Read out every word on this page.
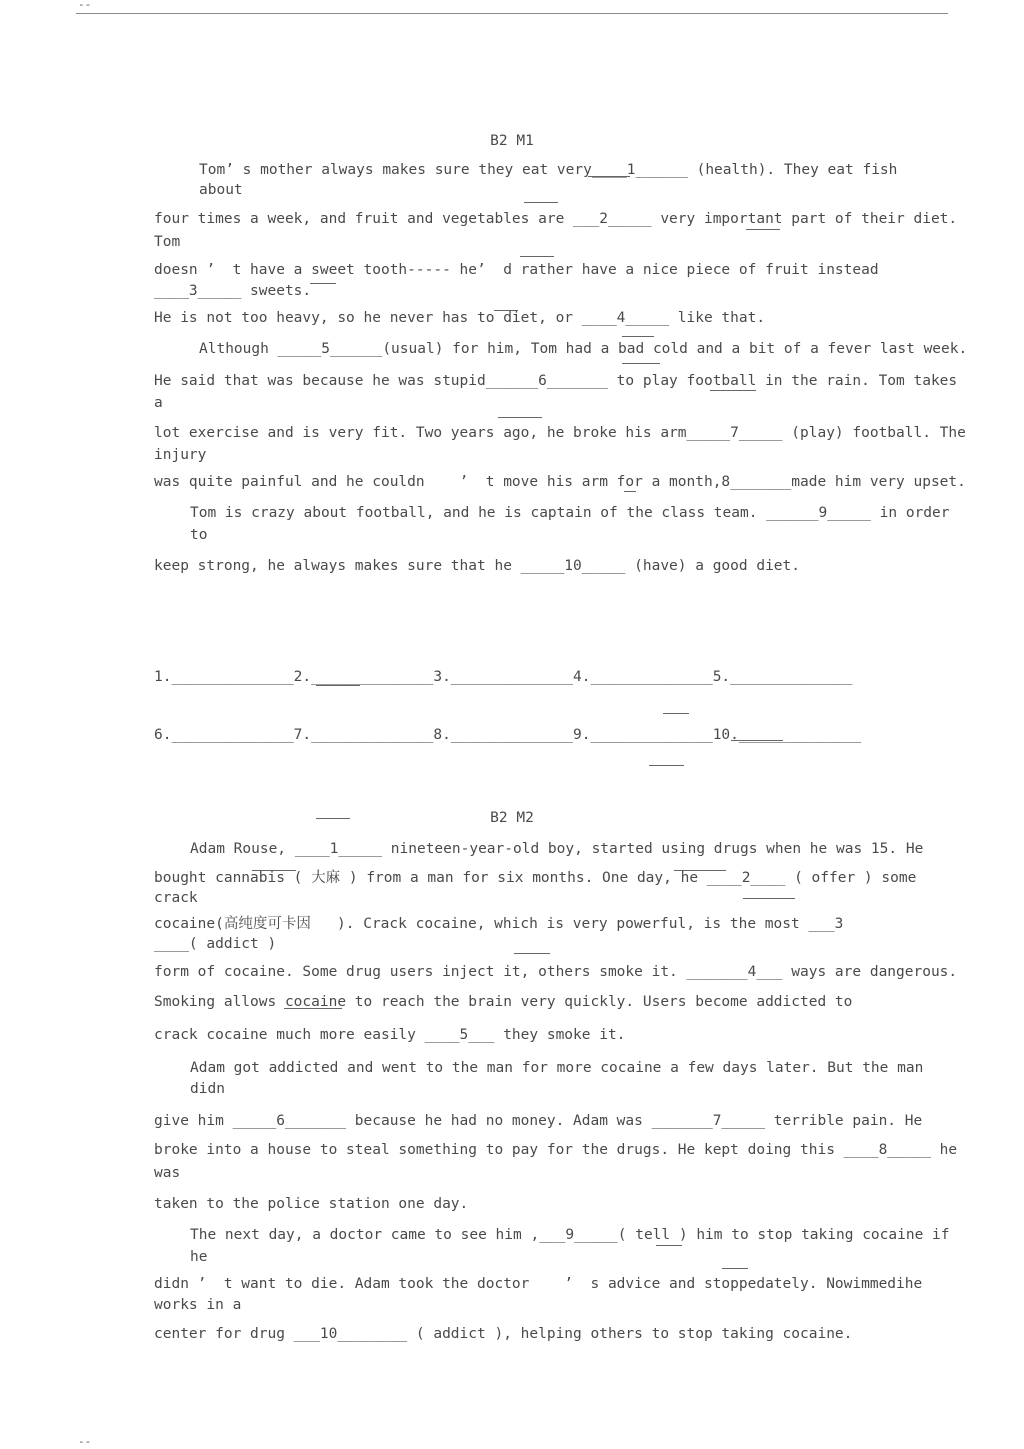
--
B2 M1
Tom’ s mother always makes sure they eat very____1______ (health). They eat fish
about
four times a week, and fruit and vegetables are ___2_____ very important part of their diet.
Tom
doesn ’  t have a sweet tooth----- he’  d rather have a nice piece of fruit instead
____3_____ sweets.
He is not too heavy, so he never has to diet, or ____4_____ like that.
Although _____5______(usual) for him, Tom had a bad cold and a bit of a fever last week.
He said that was because he was stupid______6_______ to play football in the rain. Tom takes
a
lot exercise and is very fit. Two years ago, he broke his arm_____7_____ (play) football. The
injury
was quite painful and he couldn    ’  t move his arm for a month,8_______made him very upset.
Tom is crazy about football, and he is captain of the class team. ______9_____ in order
to
keep strong, he always makes sure that he _____10_____ (have) a good diet.
1.______________2.______________3.______________4.______________5.______________
6.______________7.______________8.______________9.______________10.______________
B2 M2
Adam Rouse, ____1_____ nineteen-year-old boy, started using drugs when he was 15. He
bought cannabis ( 大麻 ) from a man for six months. One day, he ____2____ ( offer ) some
crack
cocaine(高纯度可卡因   ). Crack cocaine, which is very powerful, is the most ___3
____( addict )
form of cocaine. Some drug users inject it, others smoke it. _______4___ ways are dangerous.
Smoking allows cocaine to reach the brain very quickly. Users become addicted to
crack cocaine much more easily ____5___ they smoke it.
Adam got addicted and went to the man for more cocaine a few days later. But the man
didn
give him _____6_______ because he had no money. Adam was _______7_____ terrible pain. He
broke into a house to steal something to pay for the drugs. He kept doing this ____8_____ he
was
taken to the police station one day.
The next day, a doctor came to see him ,___9_____( tell ) him to stop taking cocaine if
he
didn ’  t want to die. Adam took the doctor    ’  s advice and stoppedately. Nowimmedihe
works in a
center for drug ___10________ ( addict ), helping others to stop taking cocaine.
--
